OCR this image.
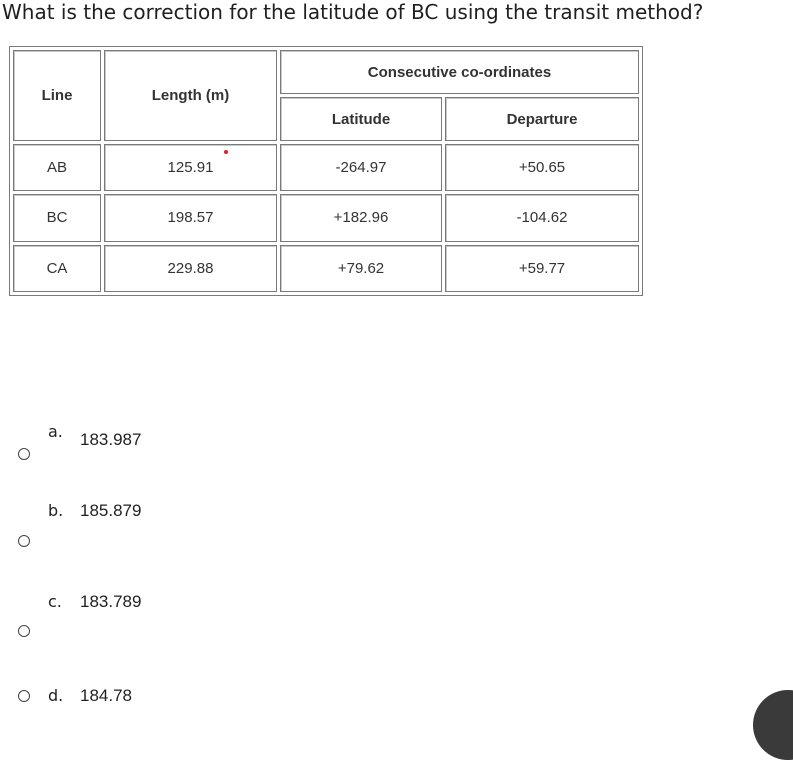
What is the correction for the latitude of BC using the transit method?
Line	Length (m)	Consecutive co-ordinates	
		Latitude	Departure
AB	125.91	-264.97	+50.65
BC	198.57	+182.96	-104.62
CA	229.88	+79.62	+59.77
a. 183.987
b. 185.879
c. 183.789
d. 184.78
